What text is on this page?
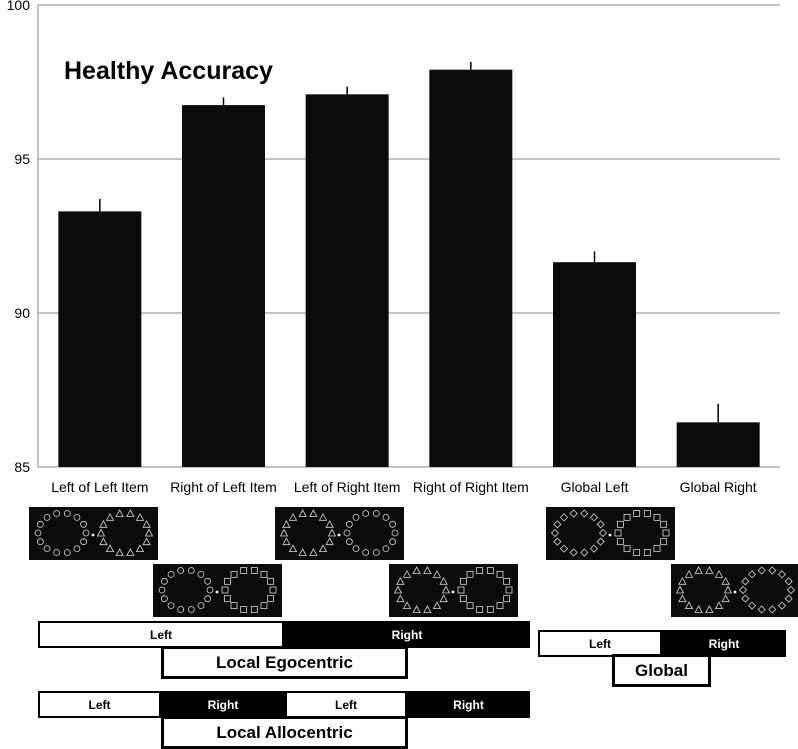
85
90
95
100
Left of Left Item Right of Left Item Left of Right Item Right of Right Item Global Left	Global Right
Healthy Accuracy
Left	Right
Local Egocentric
Left	Right	Left	Right
Local Allocentric
Left	Right
Global
